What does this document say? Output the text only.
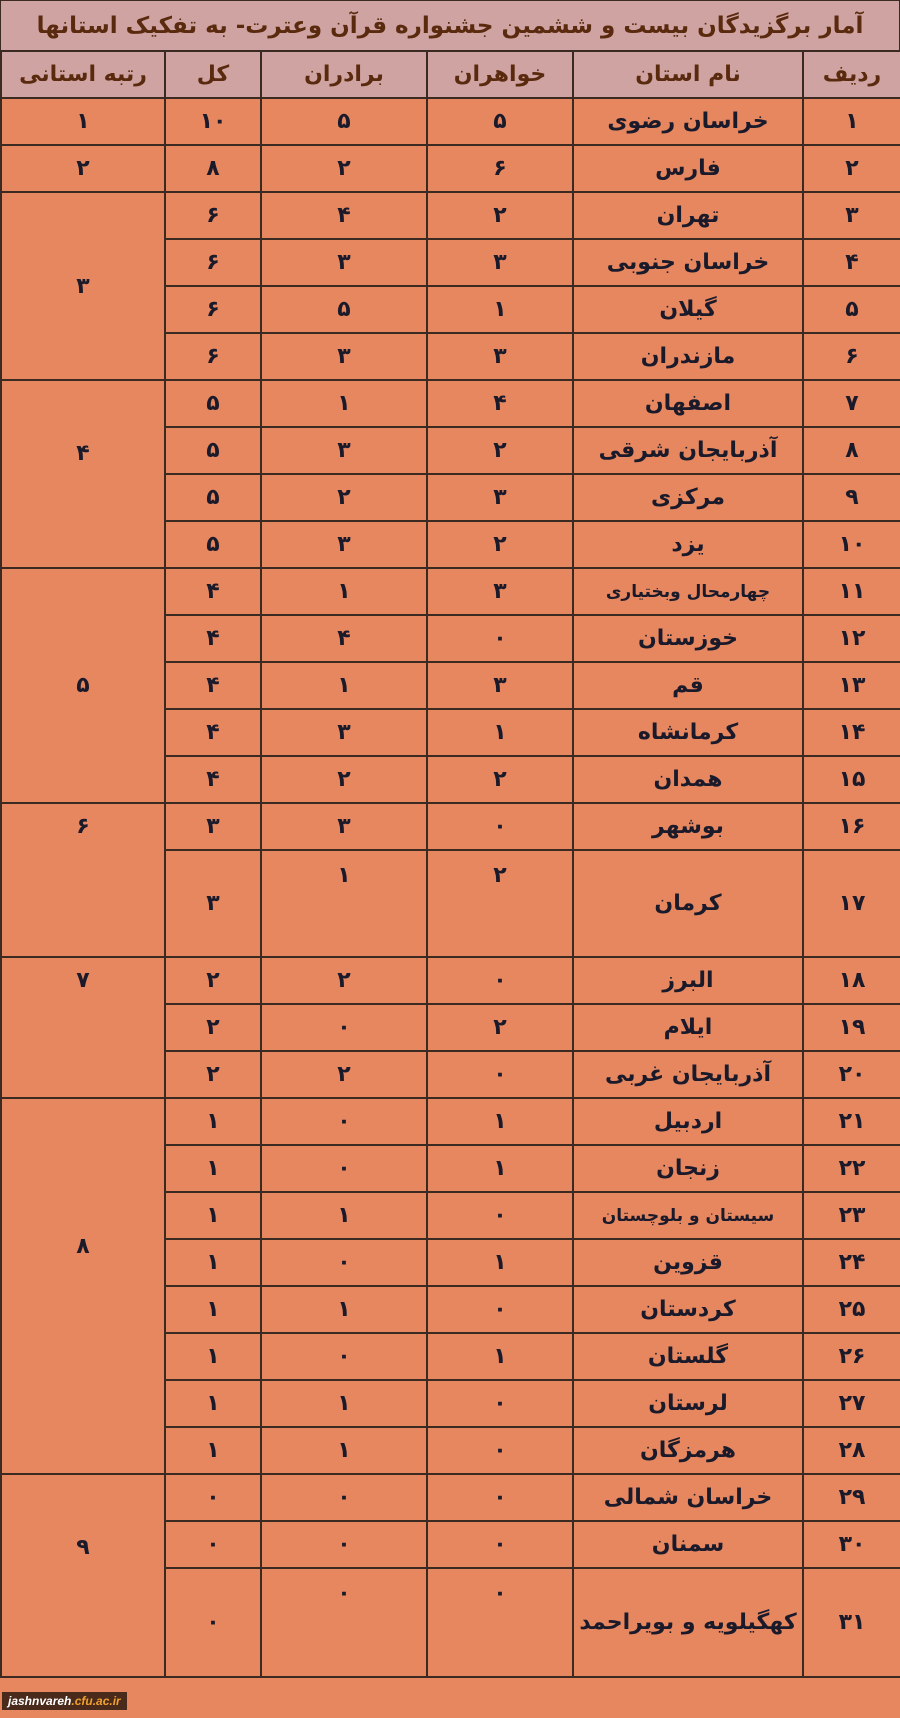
آمار برگزیدگان بیست و ششمین جشنواره قرآن وعترت- به تفکیک استانها
ردیف	نام استان	خواهران	برادران	کل	رتبه استانی
۱	خراسان رضوی	۵	۵	۱۰	۱
۲	فارس	۶	۲	۸	۲
۳	تهران	۲	۴	۶	۳
۴	خراسان جنوبی	۳	۳	۶	
۵	گیلان	۱	۵	۶	
۶	مازندران	۳	۳	۶	
۷	اصفهان	۴	۱	۵	۴
۸	آذربایجان شرقی	۲	۳	۵	
۹	مرکزی	۳	۲	۵	
۱۰	یزد	۲	۳	۵	
۱۱	چهارمحال وبختیاری	۳	۱	۴	۵
۱۲	خوزستان	۰	۴	۴	
۱۳	قم	۳	۱	۴	
۱۴	کرمانشاه	۱	۳	۴	
۱۵	همدان	۲	۲	۴	
۱۶	بوشهر	۰	۳	۳	۶
۱۷	کرمان	۲	۱	۳	
۱۸	البرز	۰	۲	۲	۷
۱۹	ایلام	۲	۰	۲	
۲۰	آذربایجان غربی	۰	۲	۲	
۲۱	اردبیل	۱	۰	۱	۸
۲۲	زنجان	۱	۰	۱	
۲۳	سیستان و بلوچستان	۰	۱	۱	
۲۴	قزوین	۱	۰	۱	
۲۵	کردستان	۰	۱	۱	
۲۶	گلستان	۱	۰	۱	
۲۷	لرستان	۰	۱	۱	
۲۸	هرمزگان	۰	۱	۱	
۲۹	خراسان شمالی	۰	۰	۰	۹
۳۰	سمنان	۰	۰	۰	
۳۱	کهگیلویه و بویراحمد	۰	۰	۰	
jashnvareh.cfu.ac.ir
